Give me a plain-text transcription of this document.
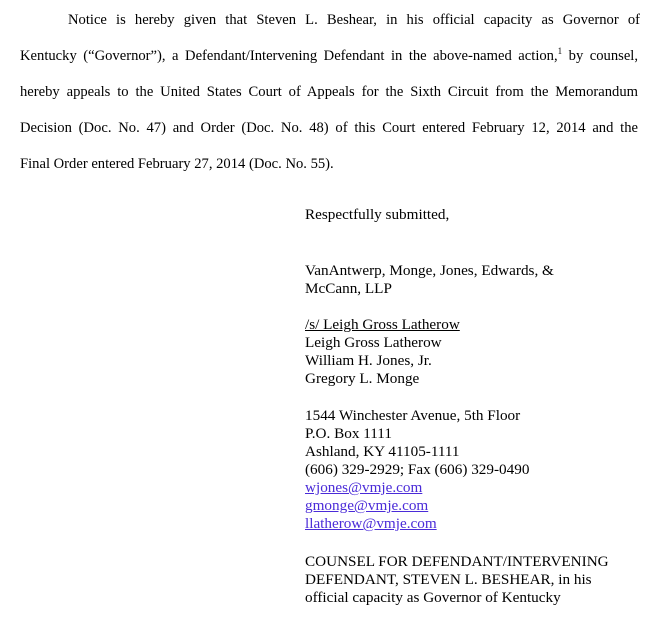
Notice is hereby given that Steven L. Beshear, in his official capacity as Governor of
Kentucky (“Governor”), a Defendant/Intervening Defendant in the above-named action,$^1$ by counsel,
hereby appeals to the United States Court of Appeals for the Sixth Circuit from the Memorandum
Decision (Doc. No. 47) and Order (Doc. No. 48) of this Court entered February 12, 2014 and the
Final Order entered February 27, 2014 (Doc. No. 55).
Respectfully submitted,
VanAntwerp, Monge, Jones, Edwards, &
McCann, LLP
/s/ Leigh Gross Latherow
Leigh Gross Latherow
William H. Jones, Jr.
Gregory L. Monge
1544 Winchester Avenue, 5th Floor
P.O. Box 1111
Ashland, KY 41105-1111
(606) 329-2929; Fax (606) 329-0490
wjones@vmje.com
gmonge@vmje.com
llatherow@vmje.com
COUNSEL FOR DEFENDANT/INTERVENING
DEFENDANT, STEVEN L. BESHEAR, in his
official capacity as Governor of Kentucky
